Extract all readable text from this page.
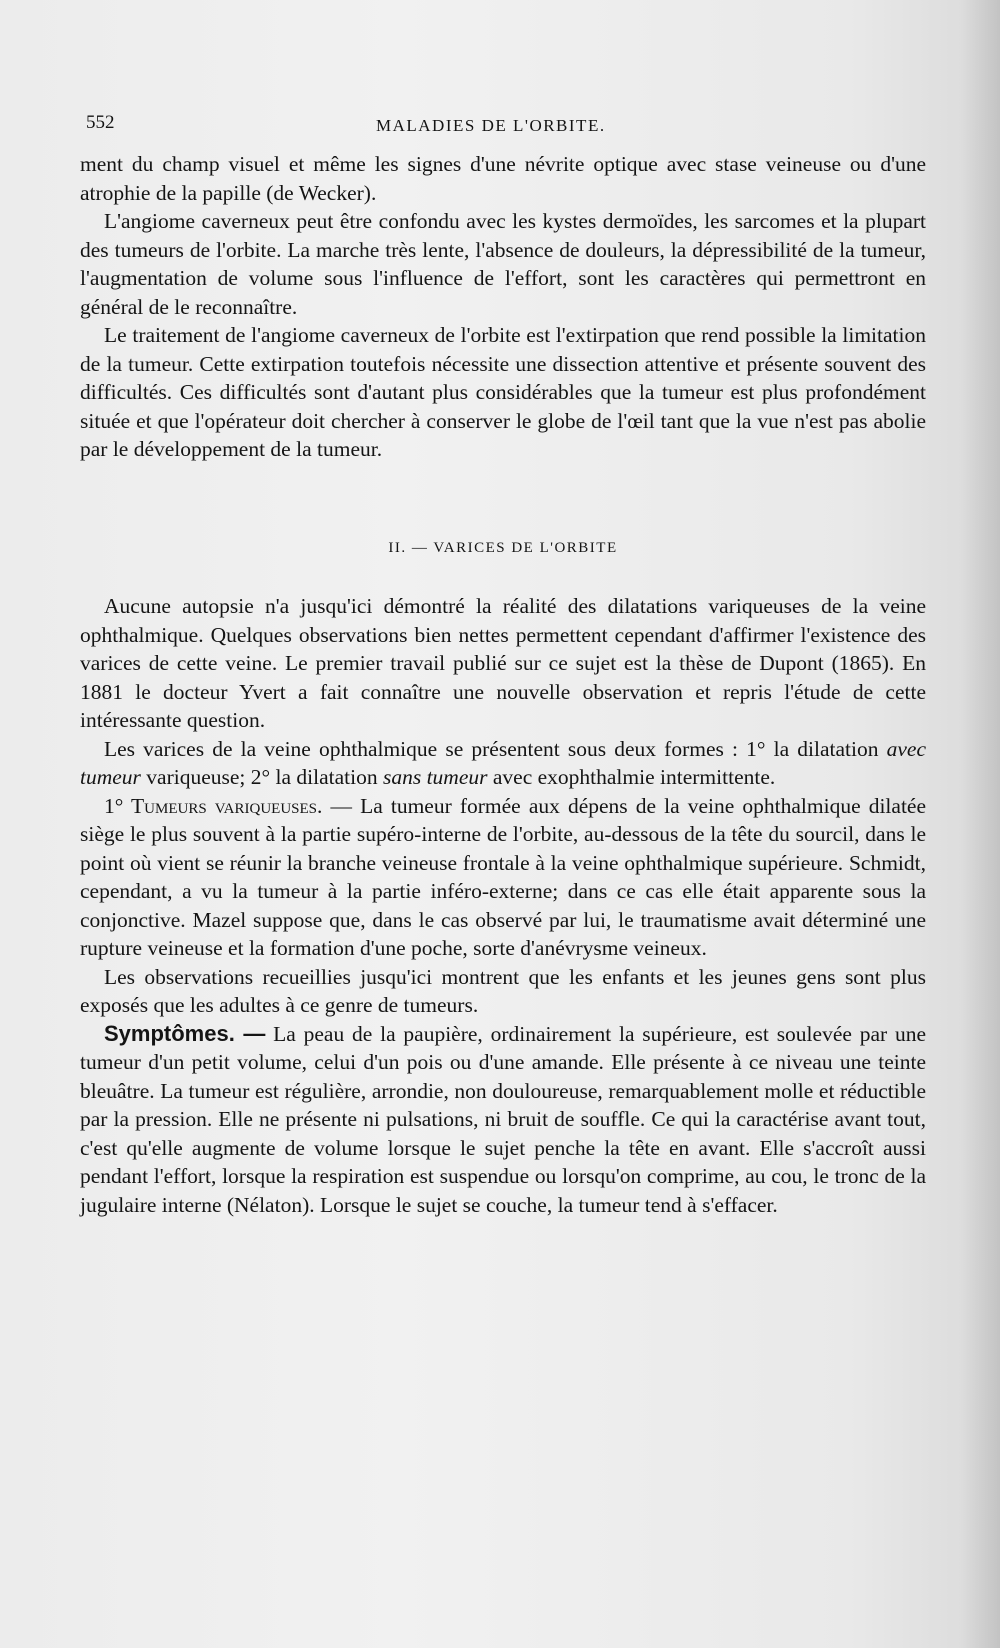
552	MALADIES DE L'ORBITE.

ment du champ visuel et même les signes d'une névrite optique avec stase veineuse ou d'une atrophie de la papille (de Wecker).

L'angiome caverneux peut être confondu avec les kystes dermoïdes, les sarcomes et la plupart des tumeurs de l'orbite. La marche très lente, l'absence de douleurs, la dépressibilité de la tumeur, l'augmentation de volume sous l'influence de l'effort, sont les caractères qui permettront en général de le reconnaître.

Le traitement de l'angiome caverneux de l'orbite est l'extirpation que rend possible la limitation de la tumeur. Cette extirpation toutefois nécessite une dissection attentive et présente souvent des difficultés. Ces difficultés sont d'autant plus considérables que la tumeur est plus profondément située et que l'opérateur doit chercher à conserver le globe de l'œil tant que la vue n'est pas abolie par le développement de la tumeur.

II. — VARICES DE L'ORBITE

Aucune autopsie n'a jusqu'ici démontré la réalité des dilatations variqueuses de la veine ophthalmique. Quelques observations bien nettes permettent cependant d'affirmer l'existence des varices de cette veine. Le premier travail publié sur ce sujet est la thèse de Dupont (1865). En 1881 le docteur Yvert a fait connaître une nouvelle observation et repris l'étude de cette intéressante question.

Les varices de la veine ophthalmique se présentent sous deux formes : 1° la dilatation avec tumeur variqueuse; 2° la dilatation sans tumeur avec exophthalmie intermittente.

1° Tumeurs variqueuses. — La tumeur formée aux dépens de la veine ophthalmique dilatée siège le plus souvent à la partie supéro-interne de l'orbite, au-dessous de la tête du sourcil, dans le point où vient se réunir la branche veineuse frontale à la veine ophthalmique supérieure. Schmidt, cependant, a vu la tumeur à la partie inféro-externe; dans ce cas elle était apparente sous la conjonctive. Mazel suppose que, dans le cas observé par lui, le traumatisme avait déterminé une rupture veineuse et la formation d'une poche, sorte d'anévrysme veineux.

Les observations recueillies jusqu'ici montrent que les enfants et les jeunes gens sont plus exposés que les adultes à ce genre de tumeurs.

Symptômes. — La peau de la paupière, ordinairement la supérieure, est soulevée par une tumeur d'un petit volume, celui d'un pois ou d'une amande. Elle présente à ce niveau une teinte bleuâtre. La tumeur est régulière, arrondie, non douloureuse, remarquablement molle et réductible par la pression. Elle ne présente ni pulsations, ni bruit de souffle. Ce qui la caractérise avant tout, c'est qu'elle augmente de volume lorsque le sujet penche la tête en avant. Elle s'accroît aussi pendant l'effort, lorsque la respiration est suspendue ou lorsqu'on comprime, au cou, le tronc de la jugulaire interne (Nélaton). Lorsque le sujet se couche, la tumeur tend à s'effacer.
